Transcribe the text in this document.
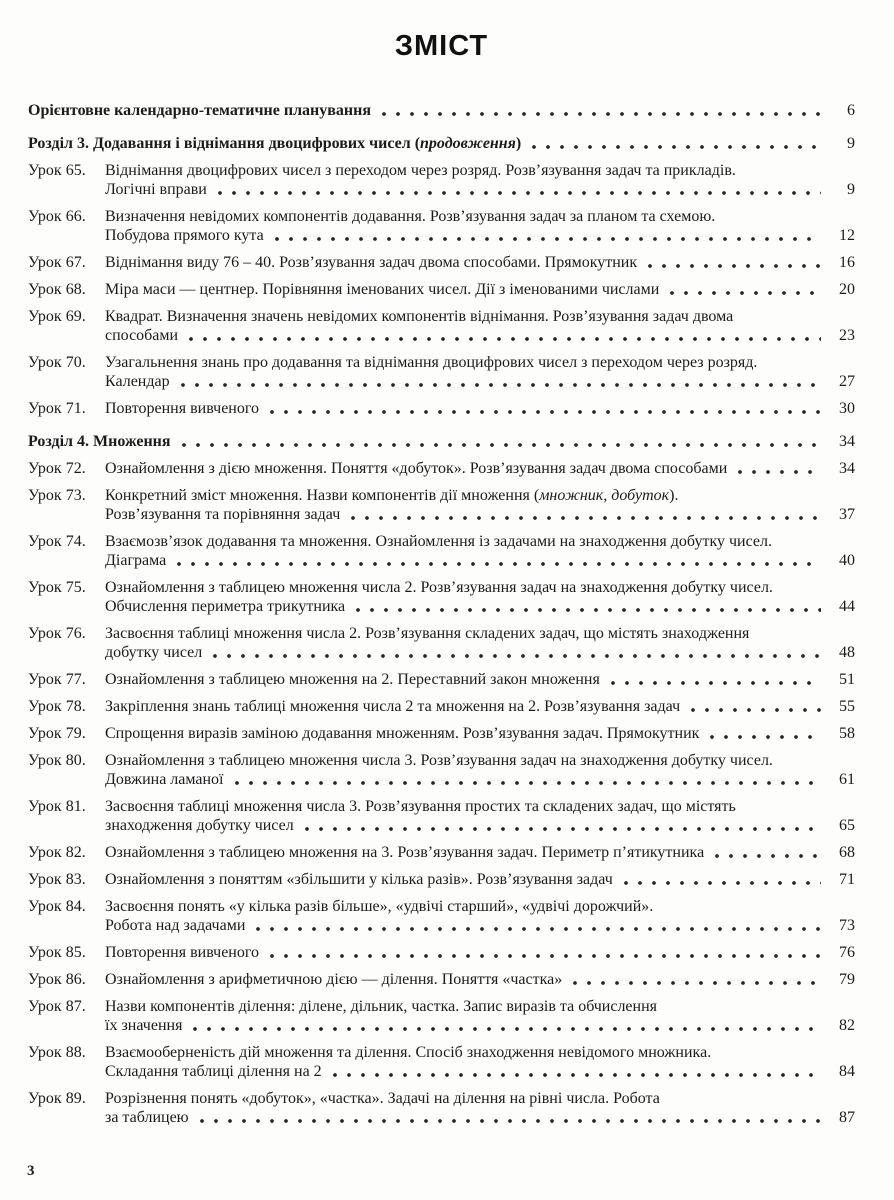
ЗМІСТ
Орієнтовне календарно-тематичне планування	6
Розділ 3. Додавання і віднімання двоцифрових чисел (продовження)	9
Урок 65.	Віднімання двоцифрових чисел з переходом через розряд. Розв’язування задач та прикладів.
Логічні вправи	9
Урок 66.	Визначення невідомих компонентів додавання. Розв’язування задач за планом та схемою.
Побудова прямого кута	12
Урок 67.	Віднімання виду 76 – 40. Розв’язування задач двома способами. Прямокутник	16
Урок 68.	Міра маси — центнер. Порівняння іменованих чисел. Дії з іменованими числами	20
Урок 69.	Квадрат. Визначення значень невідомих компонентів віднімання. Розв’язування задач двома
способами	23
Урок 70.	Узагальнення знань про додавання та віднімання двоцифрових чисел з переходом через розряд.
Календар	27
Урок 71.	Повторення вивченого	30
Розділ 4. Множення	34
Урок 72.	Ознайомлення з дією множення. Поняття «добуток». Розв’язування задач двома способами	34
Урок 73.	Конкретний зміст множення. Назви компонентів дії множення (множник, добуток).
Розв’язування та порівняння задач	37
Урок 74.	Взаємозв’язок додавання та множення. Ознайомлення із задачами на знаходження добутку чисел.
Діаграма	40
Урок 75.	Ознайомлення з таблицею множення числа 2. Розв’язування задач на знаходження добутку чисел.
Обчислення периметра трикутника	44
Урок 76.	Засвоєння таблиці множення числа 2. Розв’язування складених задач, що містять знаходження
добутку чисел	48
Урок 77.	Ознайомлення з таблицею множення на 2. Переставний закон множення	51
Урок 78.	Закріплення знань таблиці множення числа 2 та множення на 2. Розв’язування задач	55
Урок 79.	Спрощення виразів заміною додавання множенням. Розв’язування задач. Прямокутник	58
Урок 80.	Ознайомлення з таблицею множення числа 3. Розв’язування задач на знаходження добутку чисел.
Довжина ламаної	61
Урок 81.	Засвоєння таблиці множення числа 3. Розв’язування простих та складених задач, що містять
знаходження добутку чисел	65
Урок 82.	Ознайомлення з таблицею множення на 3. Розв’язування задач. Периметр п’ятикутника	68
Урок 83.	Ознайомлення з поняттям «збільшити у кілька разів». Розв’язування задач	71
Урок 84.	Засвоєння понять «у кілька разів більше», «удвічі старший», «удвічі дорожчий».
Робота над задачами	73
Урок 85.	Повторення вивченого	76
Урок 86.	Ознайомлення з арифметичною дією — ділення. Поняття «частка»	79
Урок 87.	Назви компонентів ділення: ділене, дільник, частка. Запис виразів та обчислення
їх значення	82
Урок 88.	Взаємооберненість дій множення та ділення. Спосіб знаходження невідомого множника.
Складання таблиці ділення на 2	84
Урок 89.	Розрізнення понять «добуток», «частка». Задачі на ділення на рівні числа. Робота
за таблицею	87
3
